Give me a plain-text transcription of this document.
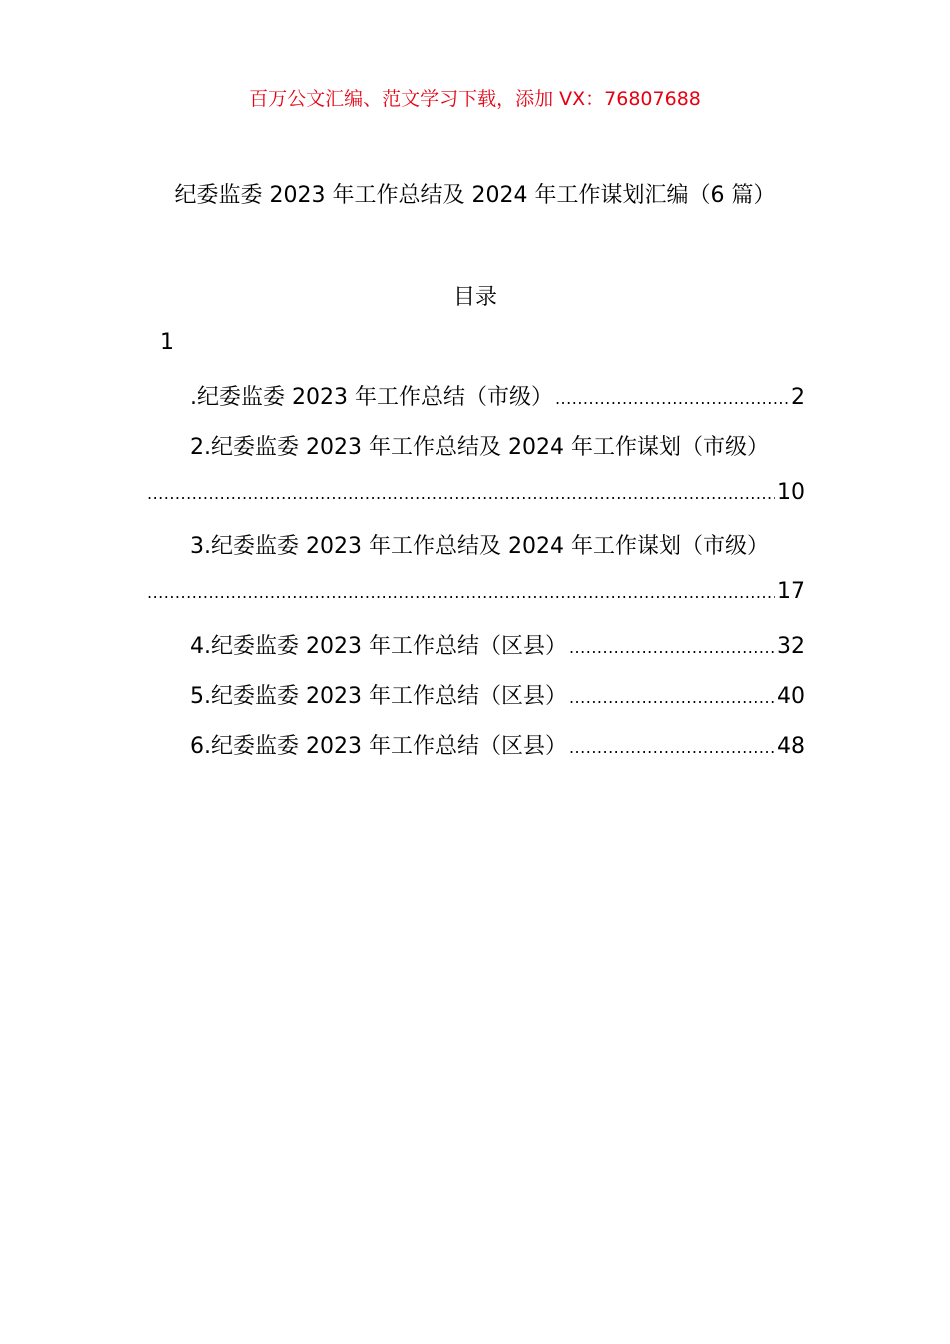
百万公文汇编、范文学习下载，添加 VX：76807688
纪委监委 2023 年工作总结及 2024 年工作谋划汇编（6 篇）
目录
1
.纪委监委 2023 年工作总结（市级） .....	2
2.纪委监委 2023 年工作总结及 2024 年工作谋划（市级）
.....
10
3.纪委监委 2023 年工作总结及 2024 年工作谋划（市级）
.....
17
4.纪委监委 2023 年工作总结（区县） .....	32
5.纪委监委 2023 年工作总结（区县） .....	40
6.纪委监委 2023 年工作总结（区县） .....	48
